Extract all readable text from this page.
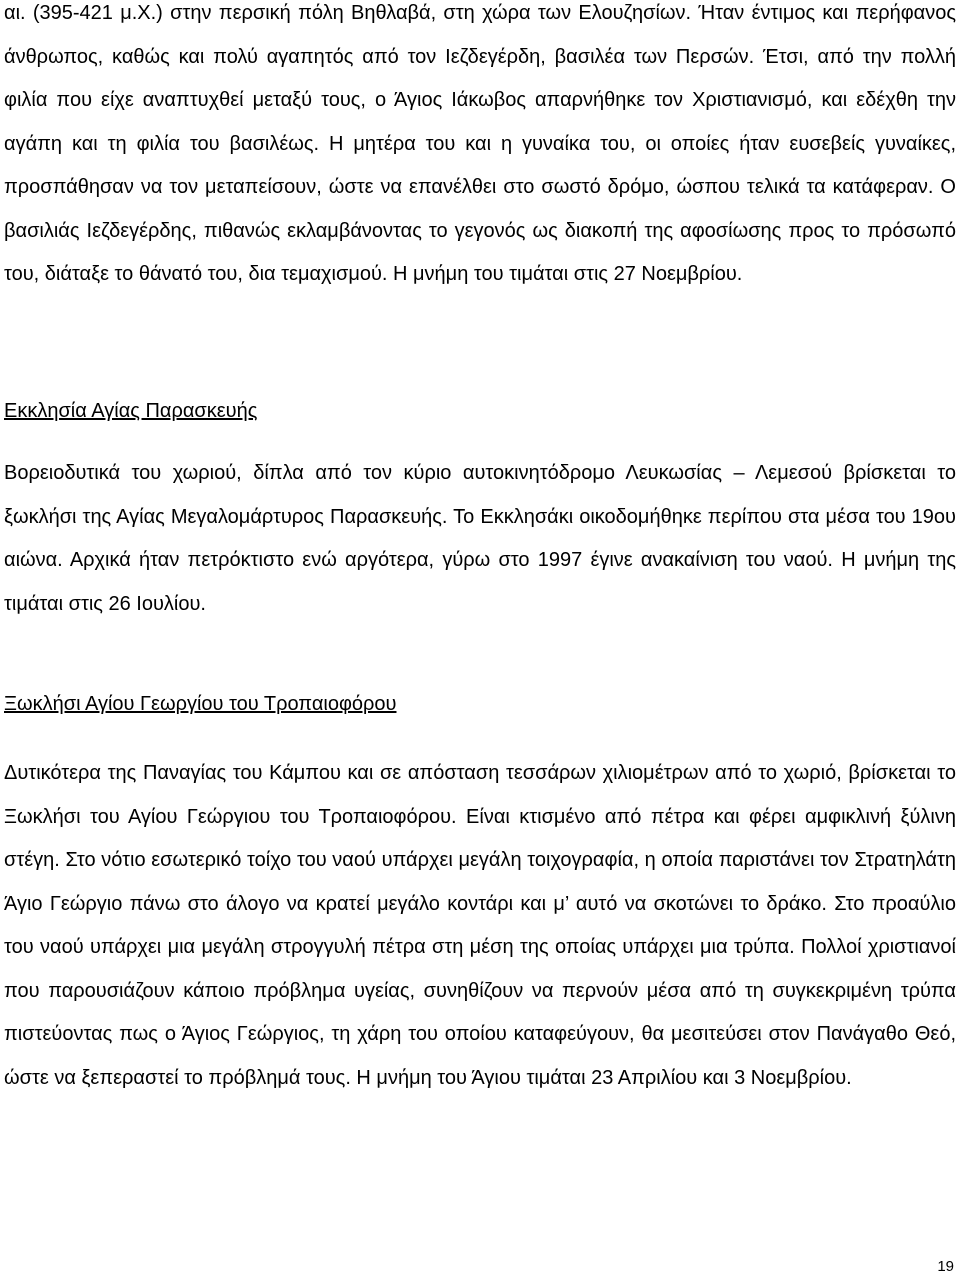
αι. (395-421 μ.Χ.) στην περσική πόλη Βηθλαβά, στη χώρα των Ελουζησίων. Ήταν έντιμος και περήφανος άνθρωπος, καθώς και πολύ αγαπητός από τον Ιεζδεγέρδη, βασιλέα των Περσών. Έτσι, από την πολλή φιλία που είχε αναπτυχθεί μεταξύ τους, ο Άγιος Ιάκωβος απαρνήθηκε τον Χριστιανισμό, και εδέχθη την αγάπη και τη φιλία του βασιλέως. Η μητέρα του και η γυναίκα του, οι οποίες ήταν ευσεβείς γυναίκες, προσπάθησαν να τον μεταπείσουν, ώστε να επανέλθει στο σωστό δρόμο, ώσπου τελικά τα κατάφεραν. Ο βασιλιάς Ιεζδεγέρδης, πιθανώς εκλαμβάνοντας το γεγονός ως διακοπή της αφοσίωσης προς το πρόσωπό του, διάταξε το θάνατό του, δια τεμαχισμού. Η μνήμη του τιμάται στις 27 Νοεμβρίου.
Εκκλησία Αγίας Παρασκευής
Βορειοδυτικά του χωριού, δίπλα από τον κύριο αυτοκινητόδρομο Λευκωσίας – Λεμεσού βρίσκεται το ξωκλήσι της Αγίας Μεγαλομάρτυρος Παρασκευής. Το Εκκλησάκι οικοδομήθηκε περίπου στα μέσα του 19ου αιώνα. Αρχικά ήταν πετρόκτιστο ενώ αργότερα, γύρω στο 1997 έγινε ανακαίνιση του ναού. Η μνήμη της τιμάται στις 26 Ιουλίου.
Ξωκλήσι Αγίου Γεωργίου του Τροπαιοφόρου
Δυτικότερα της Παναγίας του Κάμπου και σε απόσταση τεσσάρων χιλιομέτρων από το χωριό, βρίσκεται το Ξωκλήσι του Αγίου Γεώργιου του Τροπαιοφόρου. Είναι κτισμένο από πέτρα και φέρει αμφικλινή ξύλινη στέγη. Στο νότιο εσωτερικό τοίχο του ναού υπάρχει μεγάλη τοιχογραφία, η οποία παριστάνει τον Στρατηλάτη Άγιο Γεώργιο πάνω στο άλογο να κρατεί μεγάλο κοντάρι και μ’ αυτό να σκοτώνει το δράκο. Στο προαύλιο του ναού υπάρχει μια μεγάλη στρογγυλή πέτρα στη μέση της οποίας υπάρχει μια τρύπα. Πολλοί χριστιανοί που παρουσιάζουν κάποιο πρόβλημα υγείας, συνηθίζουν να περνούν μέσα από τη συγκεκριμένη τρύπα πιστεύοντας πως ο Άγιος Γεώργιος, τη χάρη του οποίου καταφεύγουν, θα μεσιτεύσει στον Πανάγαθο Θεό, ώστε να ξεπεραστεί το πρόβλημά τους. Η μνήμη του Άγιου τιμάται 23 Απριλίου και 3 Νοεμβρίου.
19
